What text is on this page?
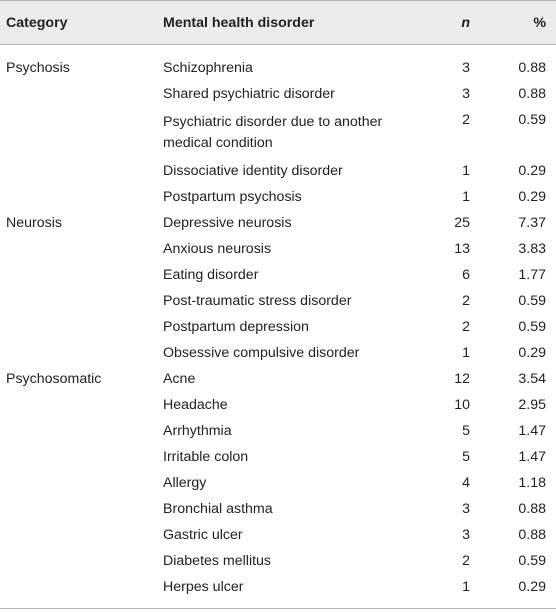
Category	Mental health disorder	n	%
Psychosis	Schizophrenia	3	0.88
	Shared psychiatric disorder	3	0.88
	Psychiatric disorder due to another medical condition	2	0.59
	Dissociative identity disorder	1	0.29
	Postpartum psychosis	1	0.29
Neurosis	Depressive neurosis	25	7.37
	Anxious neurosis	13	3.83
	Eating disorder	6	1.77
	Post-traumatic stress disorder	2	0.59
	Postpartum depression	2	0.59
	Obsessive compulsive disorder	1	0.29
Psychosomatic	Acne	12	3.54
	Headache	10	2.95
	Arrhythmia	5	1.47
	Irritable colon	5	1.47
	Allergy	4	1.18
	Bronchial asthma	3	0.88
	Gastric ulcer	3	0.88
	Diabetes mellitus	2	0.59
	Herpes ulcer	1	0.29
